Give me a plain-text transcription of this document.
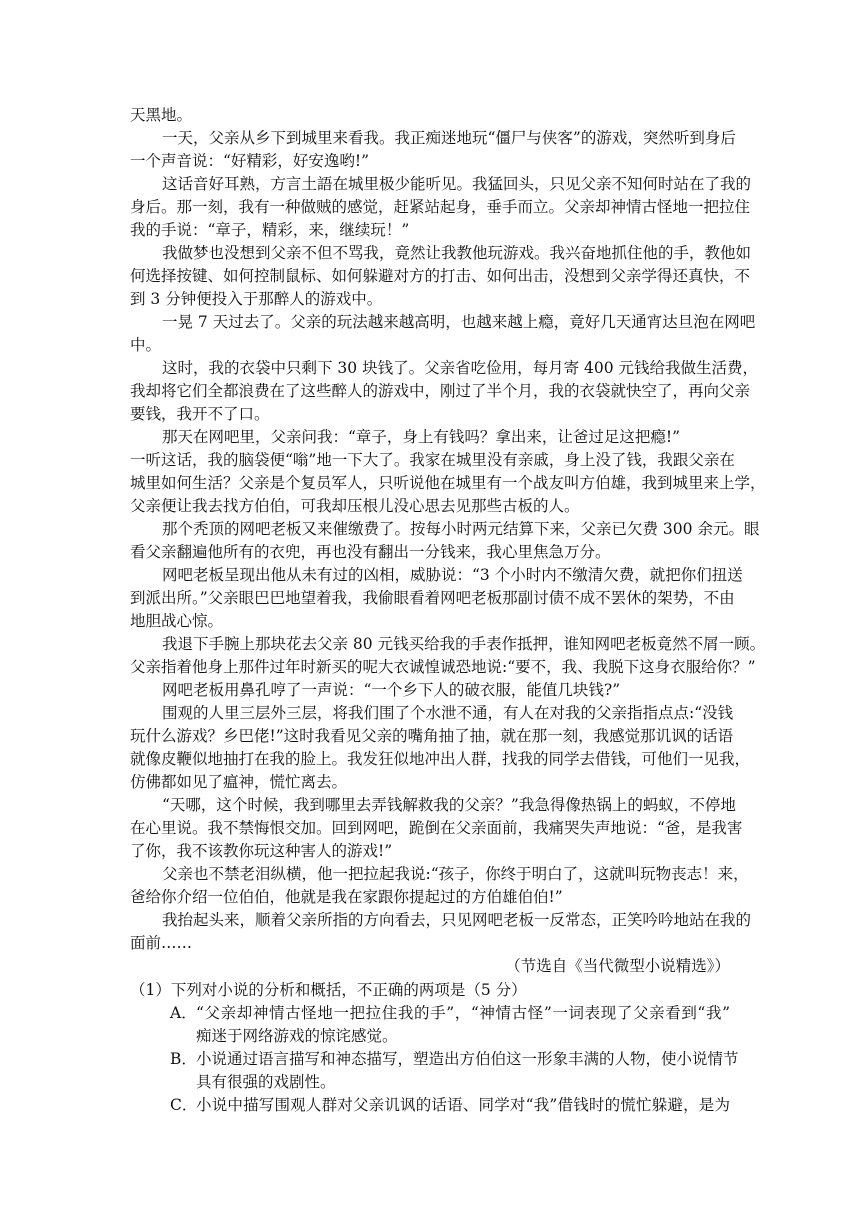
天黑地。
一天，父亲从乡下到城里来看我。我正痴迷地玩“僵尸与侠客”的游戏，突然听到身后
一个声音说：“好精彩，好安逸哟!”
这话音好耳熟，方言土語在城里极少能听见。我猛回头，只见父亲不知何时站在了我的
身后。那一刻，我有一种做贼的感觉，赶紧站起身，垂手而立。父亲却神情古怪地一把拉住
我的手说：“章子，精彩，来，继续玩！”
我做梦也没想到父亲不但不骂我，竟然让我教他玩游戏。我兴奋地抓住他的手，教他如
何选择按键、如何控制鼠标、如何躲避对方的打击、如何出击，没想到父亲学得还真快，不
到 3 分钟便投入于那醉人的游戏中。
一晃 7 天过去了。父亲的玩法越来越高明，也越来越上瘾，竟好几天通宵达旦泡在网吧
中。
这时，我的衣袋中只剩下 30 块钱了。父亲省吃俭用，每月寄 400 元钱给我做生活费，
我却将它们全都浪费在了这些醉人的游戏中，刚过了半个月，我的衣袋就快空了，再向父亲
要钱，我开不了口。
那天在网吧里，父亲问我：“章子，身上有钱吗？拿出来，让爸过足这把瘾!”
一听这话，我的脑袋便“嗡”地一下大了。我家在城里没有亲戚，身上没了钱，我跟父亲在
城里如何生活？父亲是个复员军人，只听说他在城里有一个战友叫方伯雄，我到城里来上学，
父亲便让我去找方伯伯，可我却压根儿没心思去见那些古板的人。
那个秃顶的网吧老板又来催缴费了。按每小时两元结算下来，父亲已欠费 300 余元。眼
看父亲翻遍他所有的衣兜，再也没有翻出一分钱来，我心里焦急万分。
网吧老板呈现出他从未有过的凶相，威胁说：“3 个小时内不缴清欠费，就把你们扭送
到派出所。”父亲眼巴巴地望着我，我偷眼看着网吧老板那副讨债不成不罢休的架势，不由
地胆战心惊。
我退下手腕上那块花去父亲 80 元钱买给我的手表作抵押，谁知网吧老板竟然不屑一顾。
父亲指着他身上那件过年时新买的呢大衣诚惶诚恐地说:“要不，我、我脱下这身衣服给你？”
网吧老板用鼻孔哼了一声说：“一个乡下人的破衣服，能值几块钱?”
围观的人里三层外三层，将我们围了个水泄不通，有人在对我的父亲指指点点:“没钱
玩什么游戏？乡巴佬!”这时我看见父亲的嘴角抽了抽，就在那一刻，我感觉那讥讽的话语
就像皮鞭似地抽打在我的脸上。我发狂似地冲出人群，找我的同学去借钱，可他们一见我，
仿佛都如见了瘟神，慌忙离去。
“天哪，这个时候，我到哪里去弄钱解救我的父亲？”我急得像热锅上的蚂蚁，不停地
在心里说。我不禁悔恨交加。回到网吧，跪倒在父亲面前，我痛哭失声地说：“爸，是我害
了你，我不该教你玩这种害人的游戏!”
父亲也不禁老泪纵横，他一把拉起我说:“孩子，你终于明白了，这就叫玩物丧志！来，
爸给你介绍一位伯伯，他就是我在家跟你提起过的方伯雄伯伯!”
我抬起头来，顺着父亲所指的方向看去，只见网吧老板一反常态，正笑吟吟地站在我的
面前……
（节选自《当代微型小说精选》）
（1）下列对小说的分析和概括，不正确的两项是（5 分）
A． “父亲却神情古怪地一把拉住我的手”，“神情古怪”一词表现了父亲看到“我”
痴迷于网络游戏的惊诧感觉。
B． 小说通过语言描写和神态描写，塑造出方伯伯这一形象丰满的人物，使小说情节
具有很强的戏剧性。
C．
小说中描写围观人群对父亲讥讽的话语、同学对“我”借钱时的慌忙躲避，是为
